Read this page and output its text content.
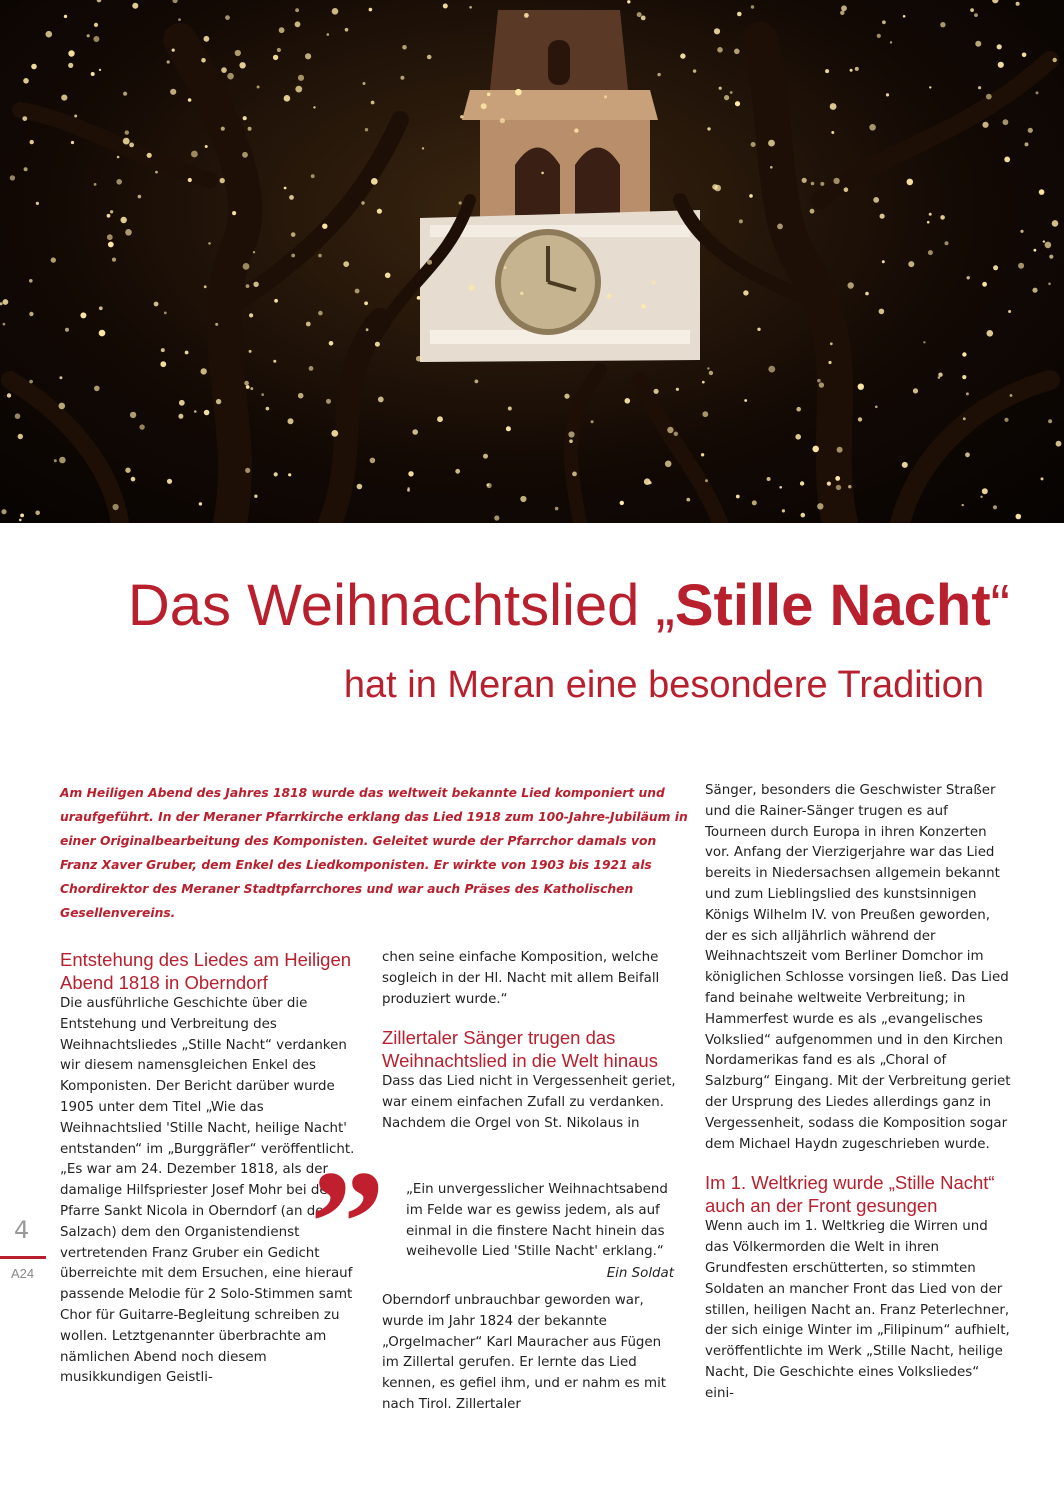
Das Weihnachtslied „Stille Nacht“
hat in Meran eine besondere Tradition

Am Heiligen Abend des Jahres 1818 wurde das weltweit bekannte Lied komponiert und uraufgeführt. In der Meraner Pfarrkirche erklang das Lied 1918 zum 100-Jahre-Jubiläum in einer Originalbearbeitung des Komponisten. Geleitet wurde der Pfarrchor damals von Franz Xaver Gruber, dem Enkel des Liedkomponisten. Er wirkte von 1903 bis 1921 als Chordirektor des Meraner Stadtpfarrchores und war auch Präses des Katholischen Gesellenvereins.

Entstehung des Liedes am Heiligen Abend 1818 in Oberndorf

Die ausführliche Geschichte über die Entstehung und Verbreitung des Weihnachtsliedes „Stille Nacht“ verdanken wir diesem namensgleichen Enkel des Komponisten. Der Bericht darüber wurde 1905 unter dem Titel „Wie das Weihnachtslied 'Stille Nacht, heilige Nacht' entstanden“ im „Burggräfler“ veröffentlicht. „Es war am 24. Dezember 1818, als der damalige Hilfspriester Josef Mohr bei der Pfarre Sankt Nicola in Oberndorf (an der Salzach) dem den Organistendienst vertretenden Franz Gruber ein Gedicht überreichte mit dem Ersuchen, eine hierauf passende Melodie für 2 Solo-Stimmen samt Chor für Guitarre-Begleitung schreiben zu wollen. Letztgenannter überbrachte am nämlichen Abend noch diesem musikkundigen Geistli-

chen seine einfache Komposition, welche sogleich in der Hl. Nacht mit allem Beifall produziert wurde.“

Zillertaler Sänger trugen das Weihnachtslied in die Welt hinaus

Dass das Lied nicht in Vergessenheit geriet, war einem einfachen Zufall zu verdanken. Nachdem die Orgel von St. Nikolaus in

”	„Ein unvergesslicher Weihnachtsabend im Felde war es gewiss jedem, als auf einmal in die finstere Nacht hinein das weihevolle Lied 'Stille Nacht' erklang.“
Ein Soldat

Oberndorf unbrauchbar geworden war, wurde im Jahr 1824 der bekannte „Orgelmacher“ Karl Mauracher aus Fügen im Zillertal gerufen. Er lernte das Lied kennen, es gefiel ihm, und er nahm es mit nach Tirol. Zillertaler

Sänger, besonders die Geschwister Straßer und die Rainer-Sänger trugen es auf Tourneen durch Europa in ihren Konzerten vor. Anfang der Vierzigerjahre war das Lied bereits in Niedersachsen allgemein bekannt und zum Lieblingslied des kunstsinnigen Königs Wilhelm IV. von Preußen geworden, der es sich alljährlich während der Weihnachtszeit vom Berliner Domchor im königlichen Schlosse vorsingen ließ. Das Lied fand beinahe weltweite Verbreitung; in Hammerfest wurde es als „evangelisches Volkslied“ aufgenommen und in den Kirchen Nordamerikas fand es als „Choral of Salzburg“ Eingang. Mit der Verbreitung geriet der Ursprung des Liedes allerdings ganz in Vergessenheit, sodass die Komposition sogar dem Michael Haydn zugeschrieben wurde.

Im 1. Weltkrieg wurde „Stille Nacht“ auch an der Front gesungen

Wenn auch im 1. Weltkrieg die Wirren und das Völkermorden die Welt in ihren Grundfesten erschütterten, so stimmten Soldaten an mancher Front das Lied von der stillen, heiligen Nacht an. Franz Peterlechner, der sich einige Winter im „Filipinum“ aufhielt, veröffentlichte im Werk „Stille Nacht, heilige Nacht, Die Geschichte eines Volksliedes“ eini-

4
A24
